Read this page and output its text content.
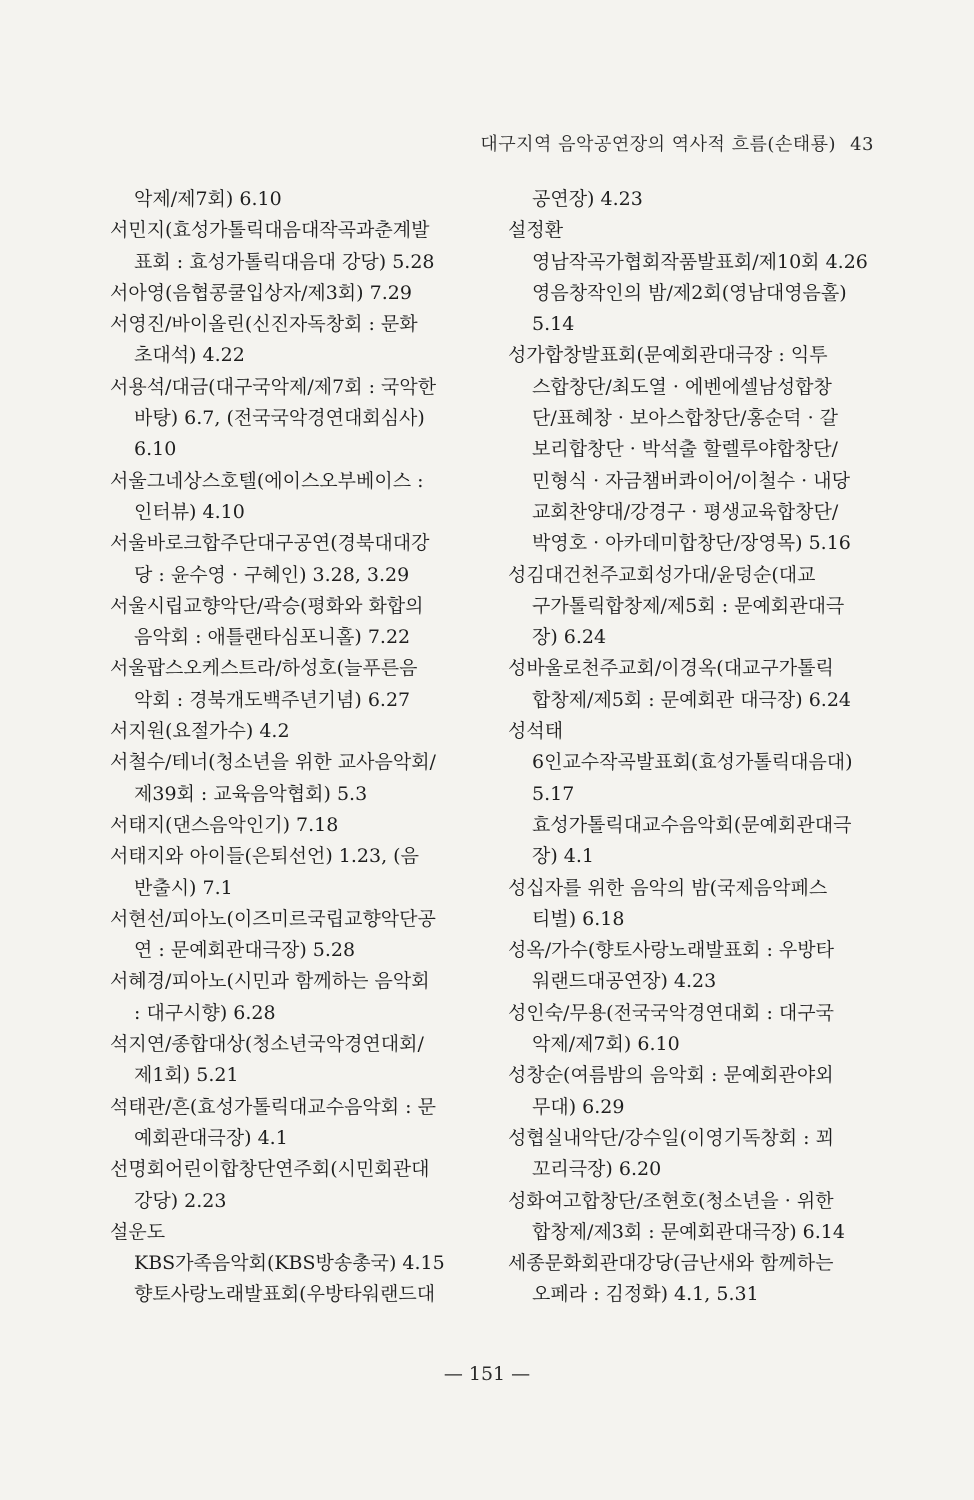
대구지역 음악공연장의 역사적 흐름(손태룡) 43
악제/제7회) 6.10
서민지(효성가톨릭대음대작곡과춘계발
표회 : 효성가톨릭대음대 강당) 5.28
서아영(음협콩쿨입상자/제3회) 7.29
서영진/바이올린(신진자독창회 : 문화
초대석) 4.22
서용석/대금(대구국악제/제7회 : 국악한
바탕) 6.7, (전국국악경연대회심사)
6.10
서울그네상스호텔(에이스오부베이스 :
인터뷰) 4.10
서울바로크합주단대구공연(경북대대강
당 : 윤수영 · 구혜인) 3.28, 3.29
서울시립교향악단/곽승(평화와 화합의
음악회 : 애틀랜타심포니홀) 7.22
서울팝스오케스트라/하성호(늘푸른음
악회 : 경북개도백주년기념) 6.27
서지원(요절가수) 4.2
서철수/테너(청소년을 위한 교사음악회/
제39회 : 교육음악협회) 5.3
서태지(댄스음악인기) 7.18
서태지와 아이들(은퇴선언) 1.23, (음
반출시) 7.1
서현선/피아노(이즈미르국립교향악단공
연 : 문예회관대극장) 5.28
서혜경/피아노(시민과 함께하는 음악회
: 대구시향) 6.28
석지연/종합대상(청소년국악경연대회/
제1회) 5.21
석태관/흔(효성가톨릭대교수음악회 : 문
예회관대극장) 4.1
선명회어린이합창단연주회(시민회관대
강당) 2.23
설운도
KBS가족음악회(KBS방송총국) 4.15
향토사랑노래발표회(우방타워랜드대
공연장) 4.23
설정환
영남작곡가협회작품발표회/제10회 4.26
영음창작인의 밤/제2회(영남대영음홀)
5.14
성가합창발표회(문예회관대극장 : 익투
스합창단/최도열 · 에벤에셀남성합창
단/표혜창 · 보아스합창단/홍순덕 · 갈
보리합창단 · 박석출 할렐루야합창단/
민형식 · 자금챔버콰이어/이철수 · 내당
교회찬양대/강경구 · 평생교육합창단/
박영호 · 아카데미합창단/장영목) 5.16
성김대건천주교회성가대/윤덩순(대교
구가톨릭합창제/제5회 : 문예회관대극
장) 6.24
성바울로천주교회/이경옥(대교구가톨릭
합창제/제5회 : 문예회관 대극장) 6.24
성석태
6인교수작곡발표회(효성가톨릭대음대)
5.17
효성가톨릭대교수음악회(문예회관대극
장) 4.1
성십자를 위한 음악의 밤(국제음악페스
티벌) 6.18
성옥/가수(향토사랑노래발표회 : 우방타
워랜드대공연장) 4.23
성인숙/무용(전국국악경연대회 : 대구국
악제/제7회) 6.10
성창순(여름밤의 음악회 : 문예회관야외
무대) 6.29
성협실내악단/강수일(이영기독창회 : 꾀
꼬리극장) 6.20
성화여고합창단/조현호(청소년을 · 위한
합창제/제3회 : 문예회관대극장) 6.14
세종문화회관대강당(금난새와 함께하는
오페라 : 김정화) 4.1, 5.31
— 151 —
